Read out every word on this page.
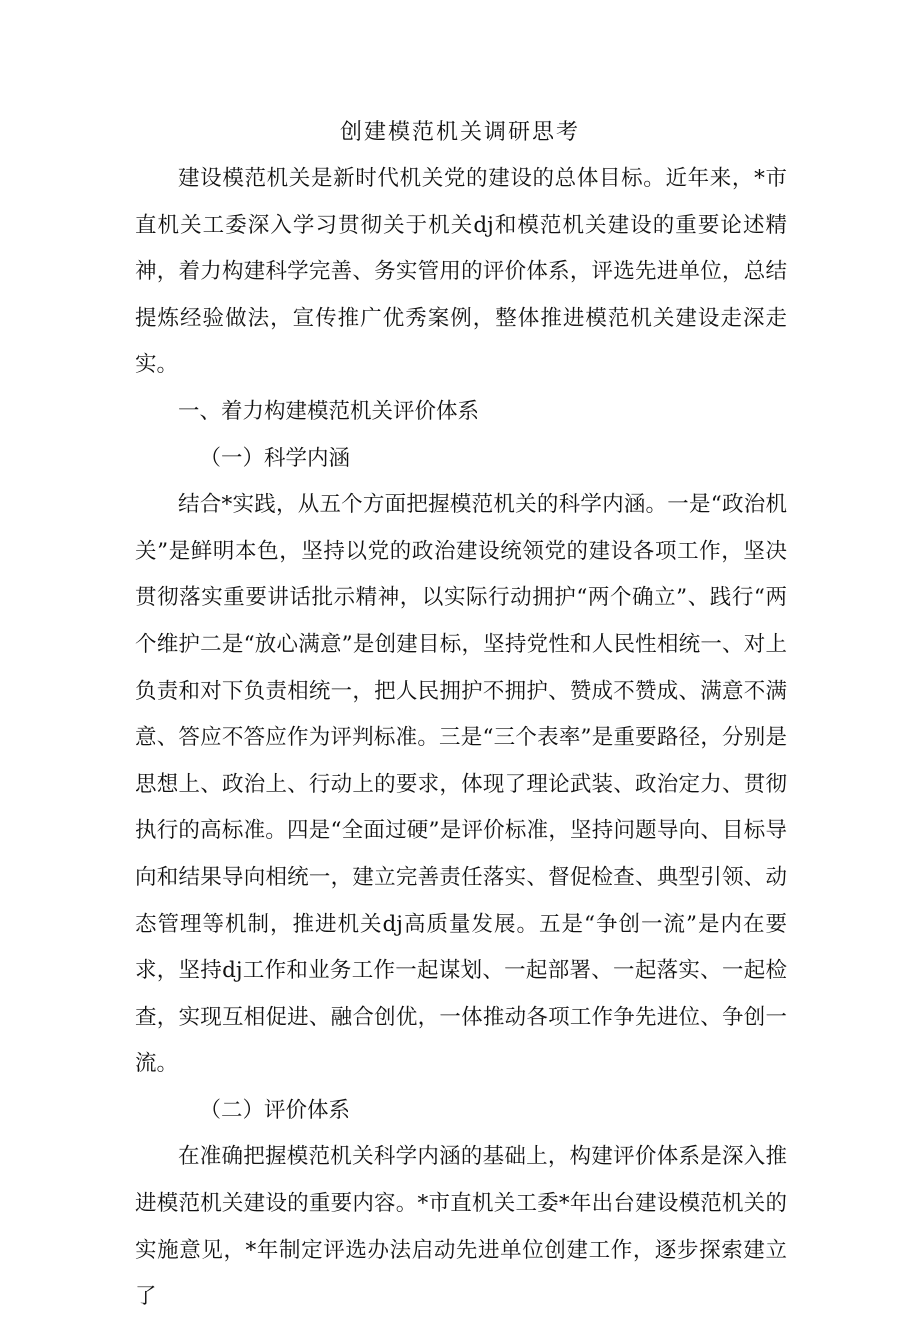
创建模范机关调研思考

建设模范机关是新时代机关党的建设的总体目标。近年来，*市直机关工委深入学习贯彻关于机关dj和模范机关建设的重要论述精神，着力构建科学完善、务实管用的评价体系，评选先进单位，总结提炼经验做法，宣传推广优秀案例，整体推进模范机关建设走深走实。

一、着力构建模范机关评价体系

（一）科学内涵

结合*实践，从五个方面把握模范机关的科学内涵。一是“政治机关”是鲜明本色，坚持以党的政治建设统领党的建设各项工作，坚决贯彻落实重要讲话批示精神，以实际行动拥护“两个确立”、践行“两个维护二是“放心满意”是创建目标，坚持党性和人民性相统一、对上负责和对下负责相统一，把人民拥护不拥护、赞成不赞成、满意不满意、答应不答应作为评判标准。三是“三个表率”是重要路径，分别是思想上、政治上、行动上的要求，体现了理论武装、政治定力、贯彻执行的高标准。四是“全面过硬”是评价标准，坚持问题导向、目标导向和结果导向相统一，建立完善责任落实、督促检查、典型引领、动态管理等机制，推进机关dj高质量发展。五是“争创一流”是内在要求，坚持dj工作和业务工作一起谋划、一起部署、一起落实、一起检查，实现互相促进、融合创优，一体推动各项工作争先进位、争创一流。

（二）评价体系

在准确把握模范机关科学内涵的基础上，构建评价体系是深入推进模范机关建设的重要内容。*市直机关工委*年出台建设模范机关的实施意见，*年制定评选办法启动先进单位创建工作，逐步探索建立了
